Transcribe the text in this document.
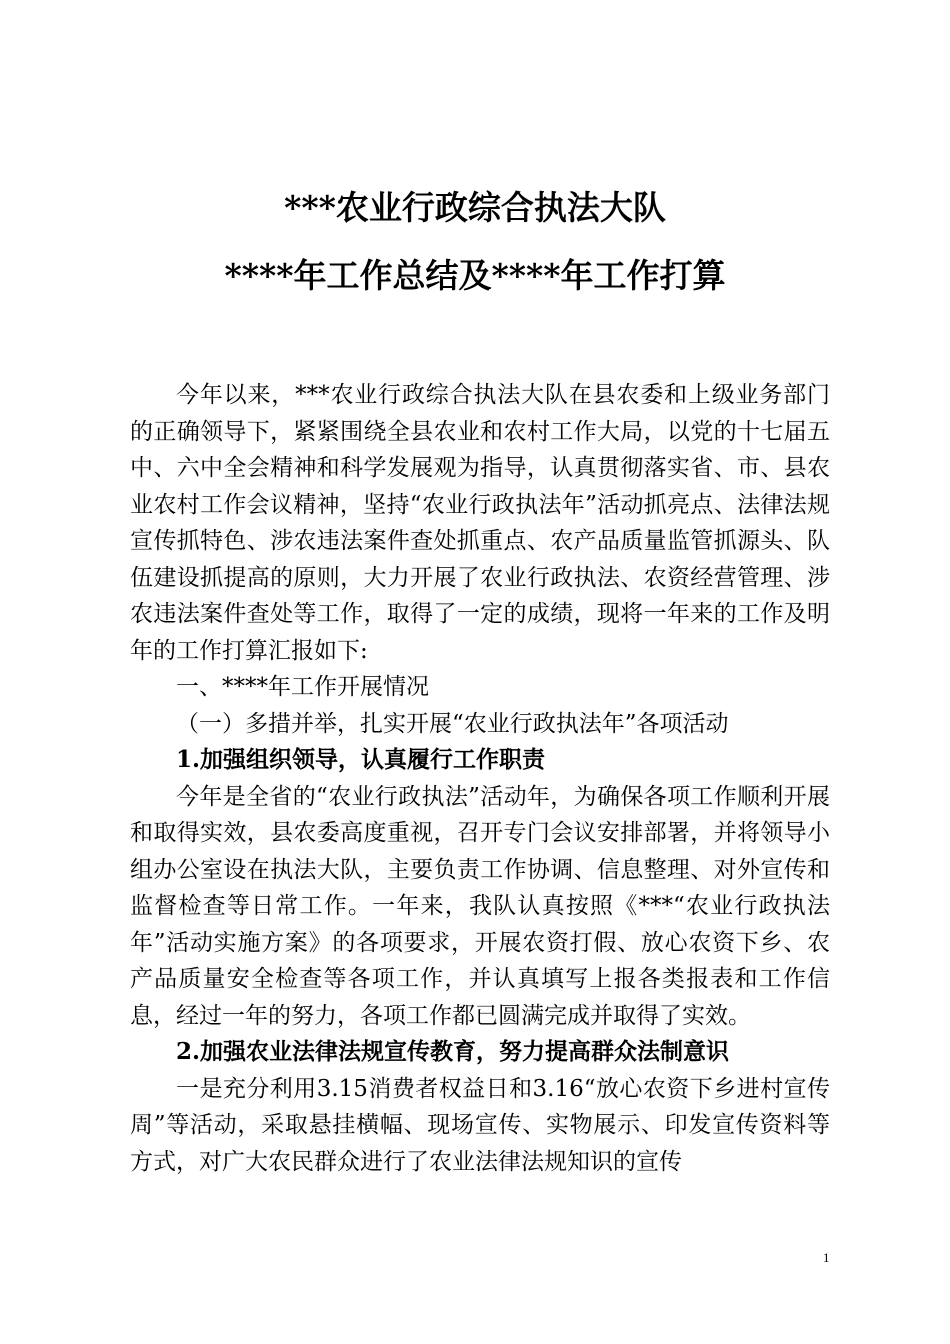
***农业行政综合执法大队
****年工作总结及****年工作打算

今年以来，***农业行政综合执法大队在县农委和上级业务部门的正确领导下，紧紧围绕全县农业和农村工作大局，以党的十七届五中、六中全会精神和科学发展观为指导，认真贯彻落实省、市、县农业农村工作会议精神，坚持“农业行政执法年”活动抓亮点、法律法规宣传抓特色、涉农违法案件查处抓重点、农产品质量监管抓源头、队伍建设抓提高的原则，大力开展了农业行政执法、农资经营管理、涉农违法案件查处等工作，取得了一定的成绩，现将一年来的工作及明年的工作打算汇报如下:

一、****年工作开展情况

（一）多措并举，扎实开展“农业行政执法年”各项活动

1.加强组织领导，认真履行工作职责

今年是全省的“农业行政执法”活动年，为确保各项工作顺利开展和取得实效，县农委高度重视，召开专门会议安排部署，并将领导小组办公室设在执法大队，主要负责工作协调、信息整理、对外宣传和监督检查等日常工作。一年来，我队认真按照《***“农业行政执法年”活动实施方案》的各项要求，开展农资打假、放心农资下乡、农产品质量安全检查等各项工作，并认真填写上报各类报表和工作信息，经过一年的努力，各项工作都已圆满完成并取得了实效。

2.加强农业法律法规宣传教育，努力提高群众法制意识

一是充分利用3.15消费者权益日和3.16“放心农资下乡进村宣传周”等活动，采取悬挂横幅、现场宣传、实物展示、印发宣传资料等方式，对广大农民群众进行了农业法律法规知识的宣传

1
